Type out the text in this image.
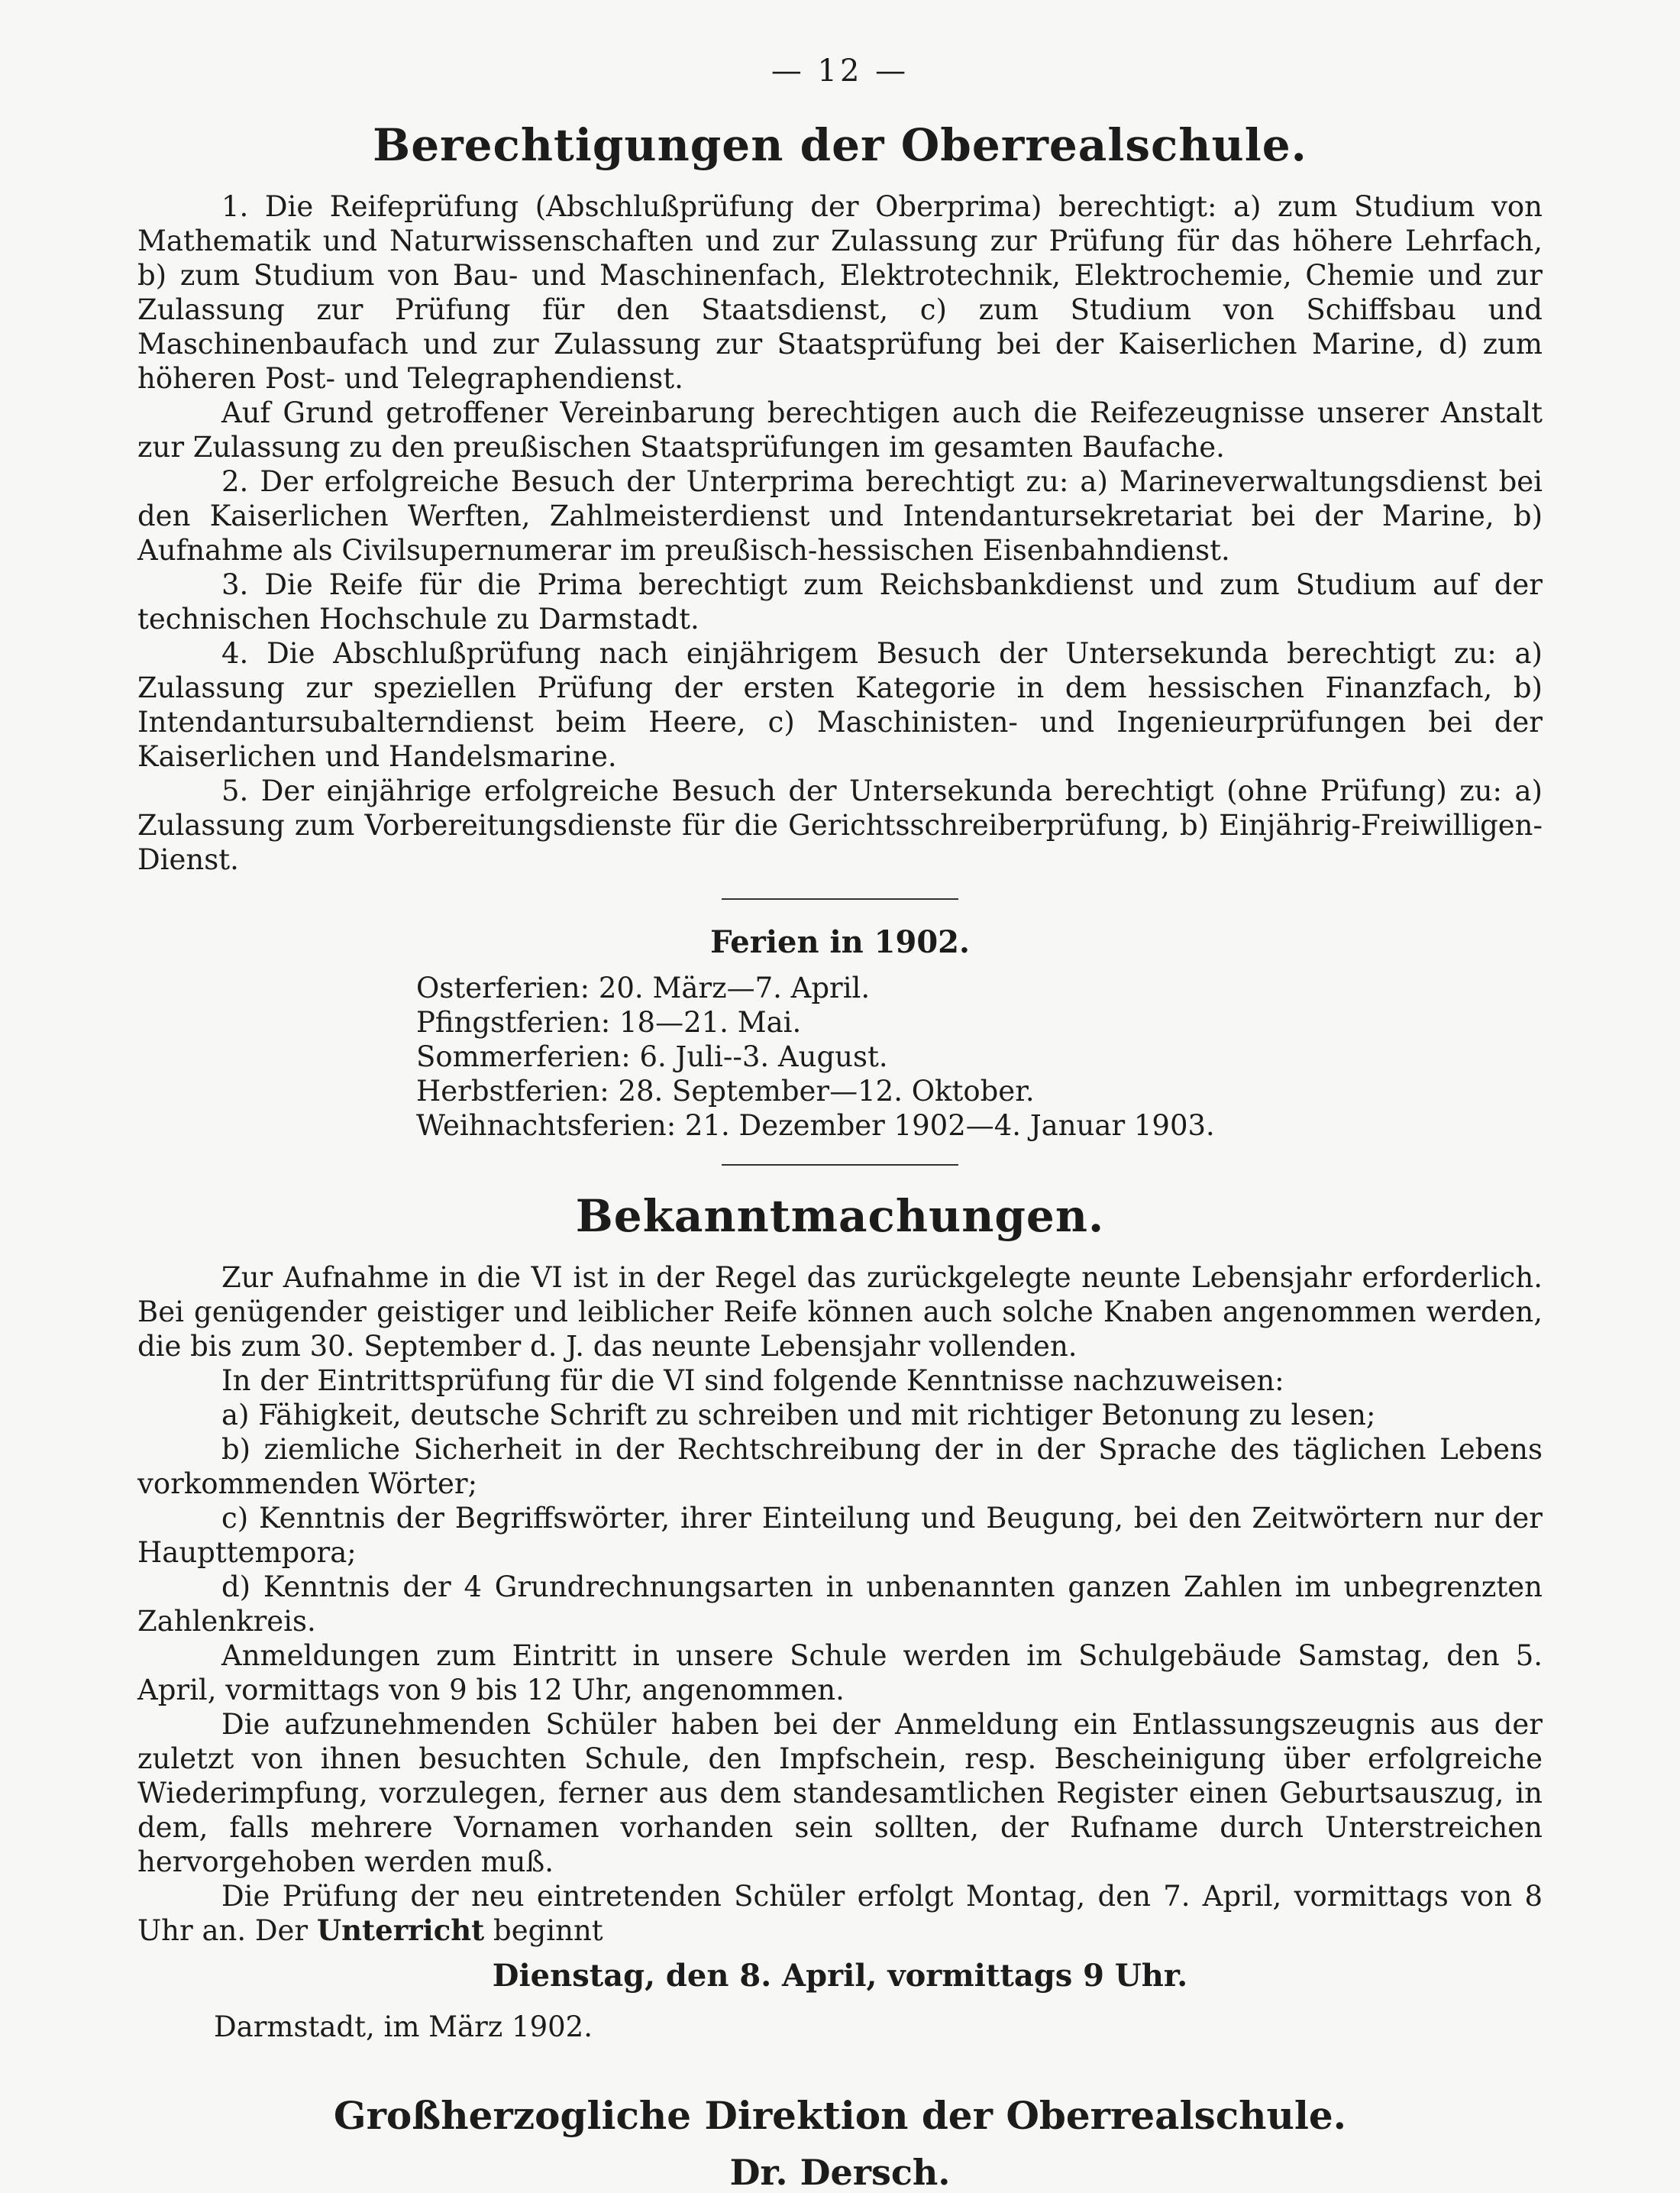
— 12 —
Berechtigungen der Oberrealschule.

1. Die Reifeprüfung (Abschlußprüfung der Oberprima) berechtigt: a) zum Studium von Mathematik und Naturwissenschaften und zur Zulassung zur Prüfung für das höhere Lehrfach, b) zum Studium von Bau- und Maschinenfach, Elektrotechnik, Elektrochemie, Chemie und zur Zulassung zur Prüfung für den Staatsdienst, c) zum Studium von Schiffsbau und Maschinenbaufach und zur Zulassung zur Staatsprüfung bei der Kaiserlichen Marine, d) zum höheren Post- und Telegraphendienst.

Auf Grund getroffener Vereinbarung berechtigen auch die Reifezeugnisse unserer Anstalt zur Zulassung zu den preußischen Staatsprüfungen im gesamten Baufache.

2. Der erfolgreiche Besuch der Unterprima berechtigt zu: a) Marineverwaltungsdienst bei den Kaiserlichen Werften, Zahlmeisterdienst und Intendantursekretariat bei der Marine, b) Aufnahme als Civilsupernumerar im preußisch-hessischen Eisenbahndienst.

3. Die Reife für die Prima berechtigt zum Reichsbankdienst und zum Studium auf der technischen Hochschule zu Darmstadt.

4. Die Abschlußprüfung nach einjährigem Besuch der Untersekunda berechtigt zu: a) Zulassung zur speziellen Prüfung der ersten Kategorie in dem hessischen Finanzfach, b) Intendantursubalterndienst beim Heere, c) Maschinisten- und Ingenieurprüfungen bei der Kaiserlichen und Handelsmarine.

5. Der einjährige erfolgreiche Besuch der Untersekunda berechtigt (ohne Prüfung) zu: a) Zulassung zum Vorbereitungsdienste für die Gerichtsschreiberprüfung, b) Einjährig-Freiwilligen-Dienst.

Ferien in 1902.
Osterferien: 20. März—7. April.
Pfingstferien: 18—21. Mai.
Sommerferien: 6. Juli--3. August.
Herbstferien: 28. September—12. Oktober.
Weihnachtsferien: 21. Dezember 1902—4. Januar 1903.
Bekanntmachungen.

Zur Aufnahme in die VI ist in der Regel das zurückgelegte neunte Lebensjahr erforderlich. Bei genügender geistiger und leiblicher Reife können auch solche Knaben angenommen werden, die bis zum 30. September d. J. das neunte Lebensjahr vollenden.

In der Eintrittsprüfung für die VI sind folgende Kenntnisse nachzuweisen:

a) Fähigkeit, deutsche Schrift zu schreiben und mit richtiger Betonung zu lesen;

b) ziemliche Sicherheit in der Rechtschreibung der in der Sprache des täglichen Lebens vorkommenden Wörter;

c) Kenntnis der Begriffswörter, ihrer Einteilung und Beugung, bei den Zeitwörtern nur der Haupttempora;

d) Kenntnis der 4 Grundrechnungsarten in unbenannten ganzen Zahlen im unbegrenzten Zahlenkreis.

Anmeldungen zum Eintritt in unsere Schule werden im Schulgebäude Samstag, den 5. April, vormittags von 9 bis 12 Uhr, angenommen.

Die aufzunehmenden Schüler haben bei der Anmeldung ein Entlassungszeugnis aus der zuletzt von ihnen besuchten Schule, den Impfschein, resp. Bescheinigung über erfolgreiche Wiederimpfung, vorzulegen, ferner aus dem standesamtlichen Register einen Geburtsauszug, in dem, falls mehrere Vornamen vorhanden sein sollten, der Rufname durch Unterstreichen hervorgehoben werden muß.

Die Prüfung der neu eintretenden Schüler erfolgt Montag, den 7. April, vormittags von 8 Uhr an. Der Unterricht beginnt

Dienstag, den 8. April, vormittags 9 Uhr.

Darmstadt, im März 1902.

Großherzogliche Direktion der Oberrealschule.
Dr. Dersch.
